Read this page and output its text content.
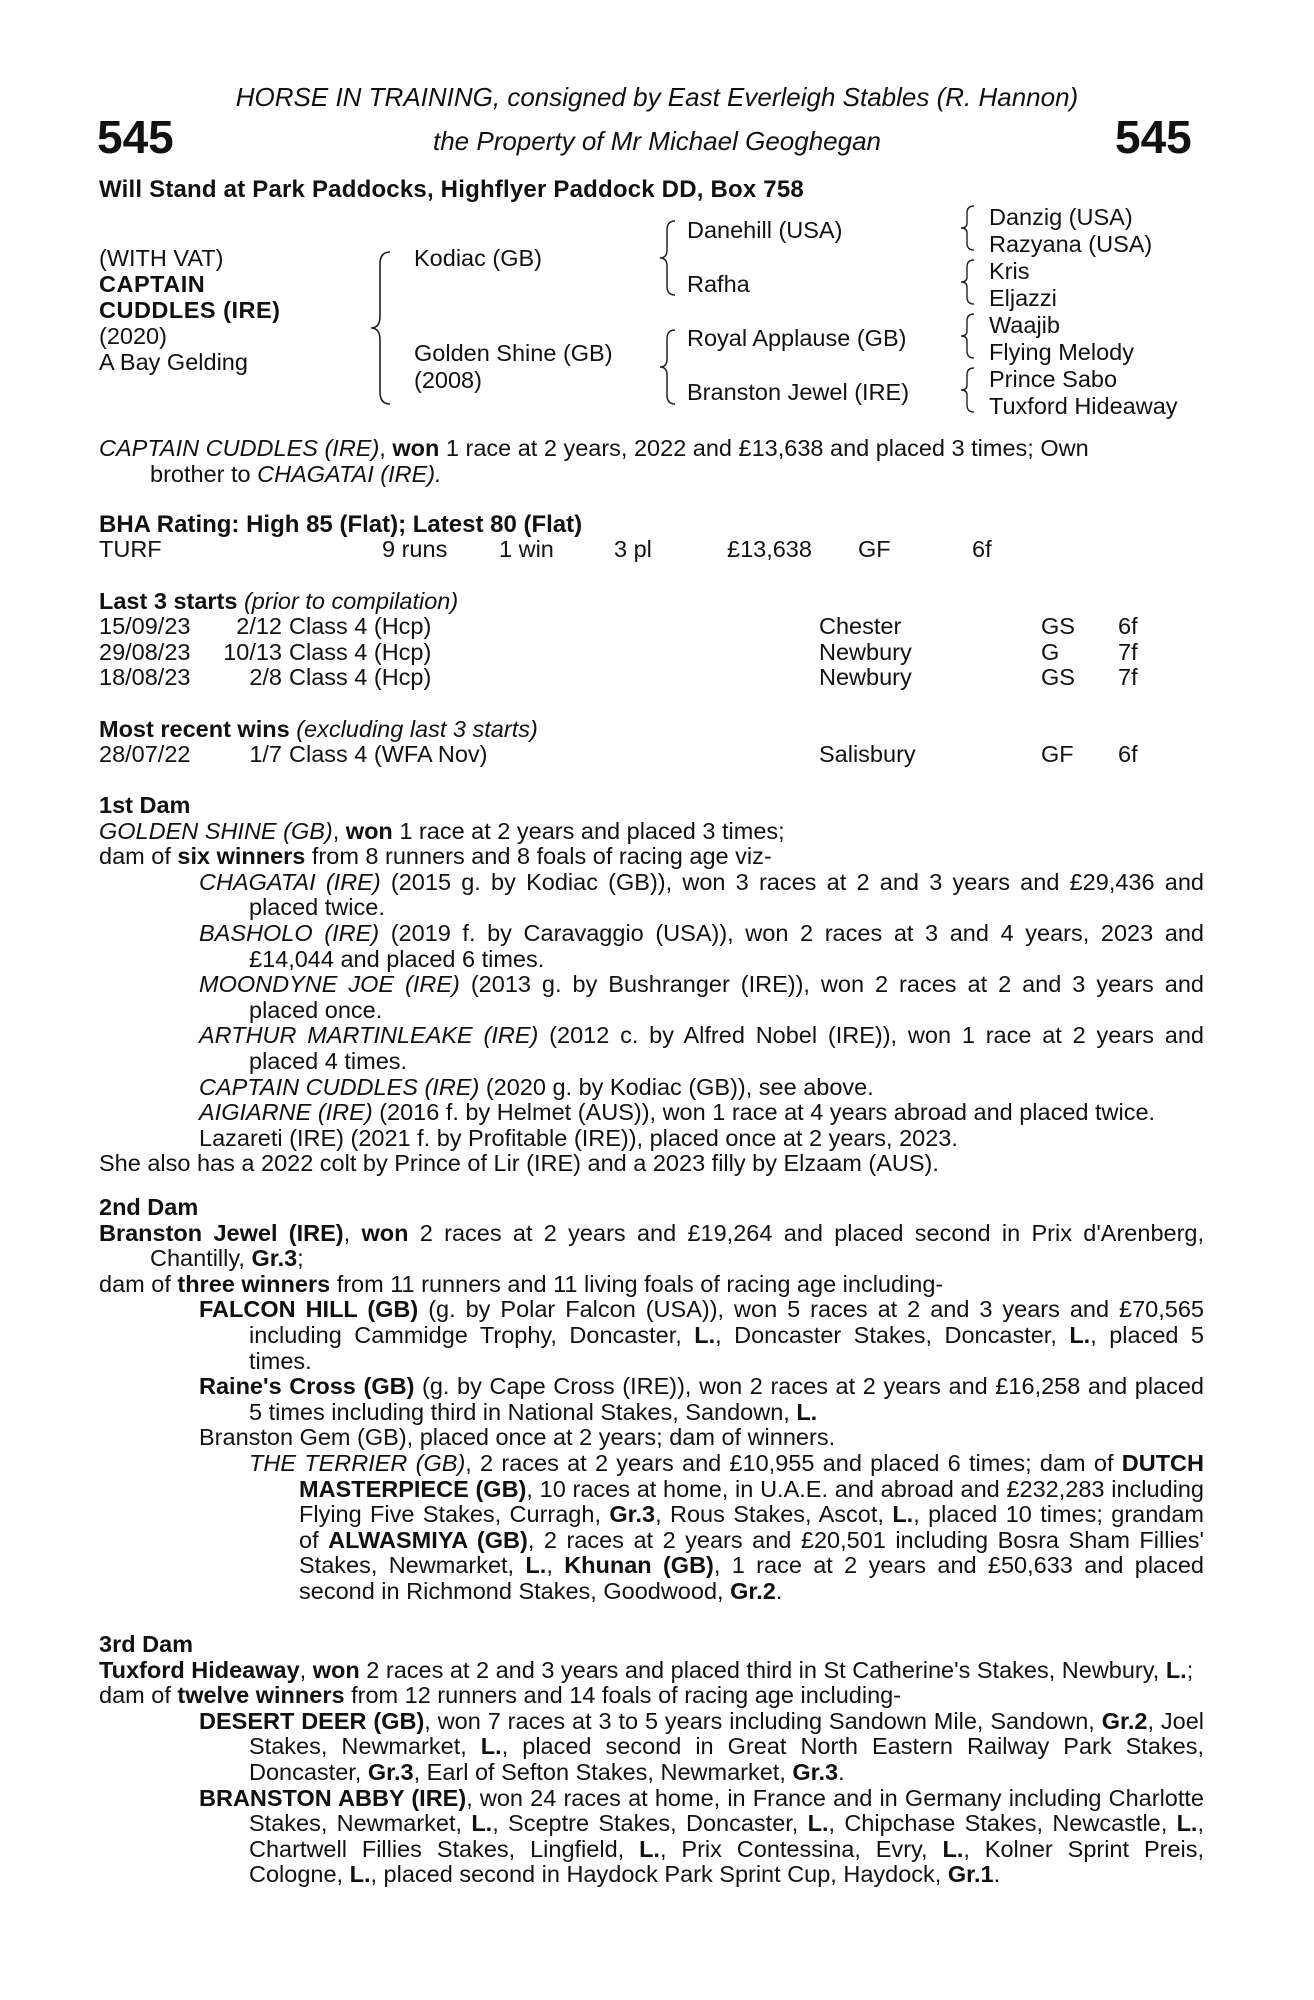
HORSE IN TRAINING, consigned by East Everleigh Stables (R. Hannon)
the Property of Mr Michael Geoghegan
545	545
Will Stand at Park Paddocks, Highflyer Paddock DD, Box 758
(WITH VAT)
CAPTAIN
CUDDLES (IRE)
(2020)
A Bay Gelding
Kodiac (GB)
Golden Shine (GB)
(2008)
Danehill (USA)
Rafha
Royal Applause (GB)
Branston Jewel (IRE)
Danzig (USA)
Razyana (USA)
Kris
Eljazzi
Waajib
Flying Melody
Prince Sabo
Tuxford Hideaway

CAPTAIN CUDDLES (IRE), won 1 race at 2 years, 2022 and £13,638 and placed 3 times; Own

brother to CHAGATAI (IRE).

BHA Rating: High 85 (Flat); Latest 80 (Flat)
TURF	9 runs 1 win	3 pl	£13,638 GF	6f
Last 3 starts (prior to compilation)
15/09/23 2/12 Class 4 (Hcp)	Chester	GS 6f
29/08/23 10/13 Class 4 (Hcp)	Newbury	G 7f
18/08/23	2/8 Class 4 (Hcp)	Newbury	GS 7f
Most recent wins (excluding last 3 starts)
28/07/22	1/7 Class 4 (WFA Nov)	Salisbury	GF 6f

1st Dam

GOLDEN SHINE (GB), won 1 race at 2 years and placed 3 times;

dam of six winners from 8 runners and 8 foals of racing age viz-

CHAGATAI (IRE) (2015 g. by Kodiac (GB)), won 3 races at 2 and 3 years and £29,436 and placed twice.

BASHOLO (IRE) (2019 f. by Caravaggio (USA)), won 2 races at 3 and 4 years, 2023 and £14,044 and placed 6 times.

MOONDYNE JOE (IRE) (2013 g. by Bushranger (IRE)), won 2 races at 2 and 3 years and placed once.

ARTHUR MARTINLEAKE (IRE) (2012 c. by Alfred Nobel (IRE)), won 1 race at 2 years and placed 4 times.

CAPTAIN CUDDLES (IRE) (2020 g. by Kodiac (GB)), see above.

AIGIARNE (IRE) (2016 f. by Helmet (AUS)), won 1 race at 4 years abroad and placed twice.

Lazareti (IRE) (2021 f. by Profitable (IRE)), placed once at 2 years, 2023.

She also has a 2022 colt by Prince of Lir (IRE) and a 2023 filly by Elzaam (AUS).

2nd Dam

Branston Jewel (IRE), won 2 races at 2 years and £19,264 and placed second in Prix d'Arenberg, Chantilly, Gr.3;

dam of three winners from 11 runners and 11 living foals of racing age including-

FALCON HILL (GB) (g. by Polar Falcon (USA)), won 5 races at 2 and 3 years and £70,565 including Cammidge Trophy, Doncaster, L., Doncaster Stakes, Doncaster, L., placed 5 times.

Raine's Cross (GB) (g. by Cape Cross (IRE)), won 2 races at 2 years and £16,258 and placed 5 times including third in National Stakes, Sandown, L.

Branston Gem (GB), placed once at 2 years; dam of winners.

THE TERRIER (GB), 2 races at 2 years and £10,955 and placed 6 times; dam of DUTCH MASTERPIECE (GB), 10 races at home, in U.A.E. and abroad and £232,283 including Flying Five Stakes, Curragh, Gr.3, Rous Stakes, Ascot, L., placed 10 times; grandam of ALWASMIYA (GB), 2 races at 2 years and £20,501 including Bosra Sham Fillies' Stakes, Newmarket, L., Khunan (GB), 1 race at 2 years and £50,633 and placed second in Richmond Stakes, Goodwood, Gr.2.

3rd Dam

Tuxford Hideaway, won 2 races at 2 and 3 years and placed third in St Catherine's Stakes, Newbury, L.;

dam of twelve winners from 12 runners and 14 foals of racing age including-

DESERT DEER (GB), won 7 races at 3 to 5 years including Sandown Mile, Sandown, Gr.2, Joel Stakes, Newmarket, L., placed second in Great North Eastern Railway Park Stakes, Doncaster, Gr.3, Earl of Sefton Stakes, Newmarket, Gr.3.

BRANSTON ABBY (IRE), won 24 races at home, in France and in Germany including Charlotte Stakes, Newmarket, L., Sceptre Stakes, Doncaster, L., Chipchase Stakes, Newcastle, L., Chartwell Fillies Stakes, Lingfield, L., Prix Contessina, Evry, L., Kolner Sprint Preis, Cologne, L., placed second in Haydock Park Sprint Cup, Haydock, Gr.1.
